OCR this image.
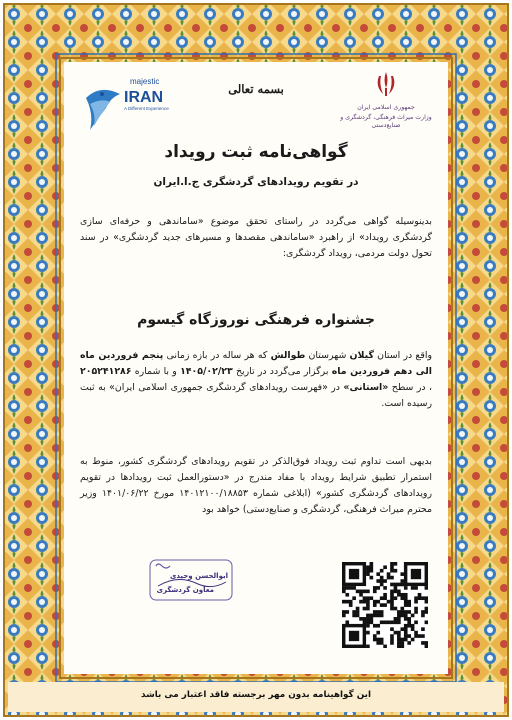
majestic
IRAN
A Different Experience
بسمه تعالی
جمهوری اسلامی ایران
وزارت میراث فرهنگی، گردشگری و صنایع‌دستی
گواهی‌نامه ثبت رویداد
در تقویم رویدادهای گردشگری ج.ا.ایران
بدینوسیله گواهی می‌گردد در راستای تحقق موضوع «ساماندهی و حرفه‌ای سازی گردشگری رویداد» از راهبرد «ساماندهی مقصدها و مسیرهای جدید گردشگری» در سند تحول دولت مردمی، رویداد گردشگری:
جشنواره فرهنگی نوروزگاه گیسوم
واقع در استان گیلان شهرستان طوالش که هر ساله در بازه زمانی پنجم فروردین ماه الی دهم فروردین ماه برگزار می‌گردد در تاریخ ۱۴۰۵/۰۲/۲۳ و با شماره ۲۰۵۲۴۱۲۸۶ ، در سطح «استانی» در «فهرست رویدادهای گردشگری جمهوری اسلامی ایران» به ثبت رسیده است.
بدیهی است تداوم ثبت رویداد فوق‌الذکر در تقویم رویدادهای گردشگری کشور، منوط به استمرار تطبیق شرایط رویداد با مفاد مندرج در «دستورالعمل ثبت رویدادها در تقویم رویدادهای گردشگری کشور» (ابلاغی شماره ۱۴۰۱۲۱۰۰/۱۸۸۵۳ مورخ ۱۴۰۱/۰۶/۲۲ وزیر محترم میراث فرهنگی، گردشگری و صنایع‌دستی) خواهد بود
ابوالحسن وحیدی
معاون گردشگری
این گواهینامه بدون مهر برجسته فاقد اعتبار می باشد
